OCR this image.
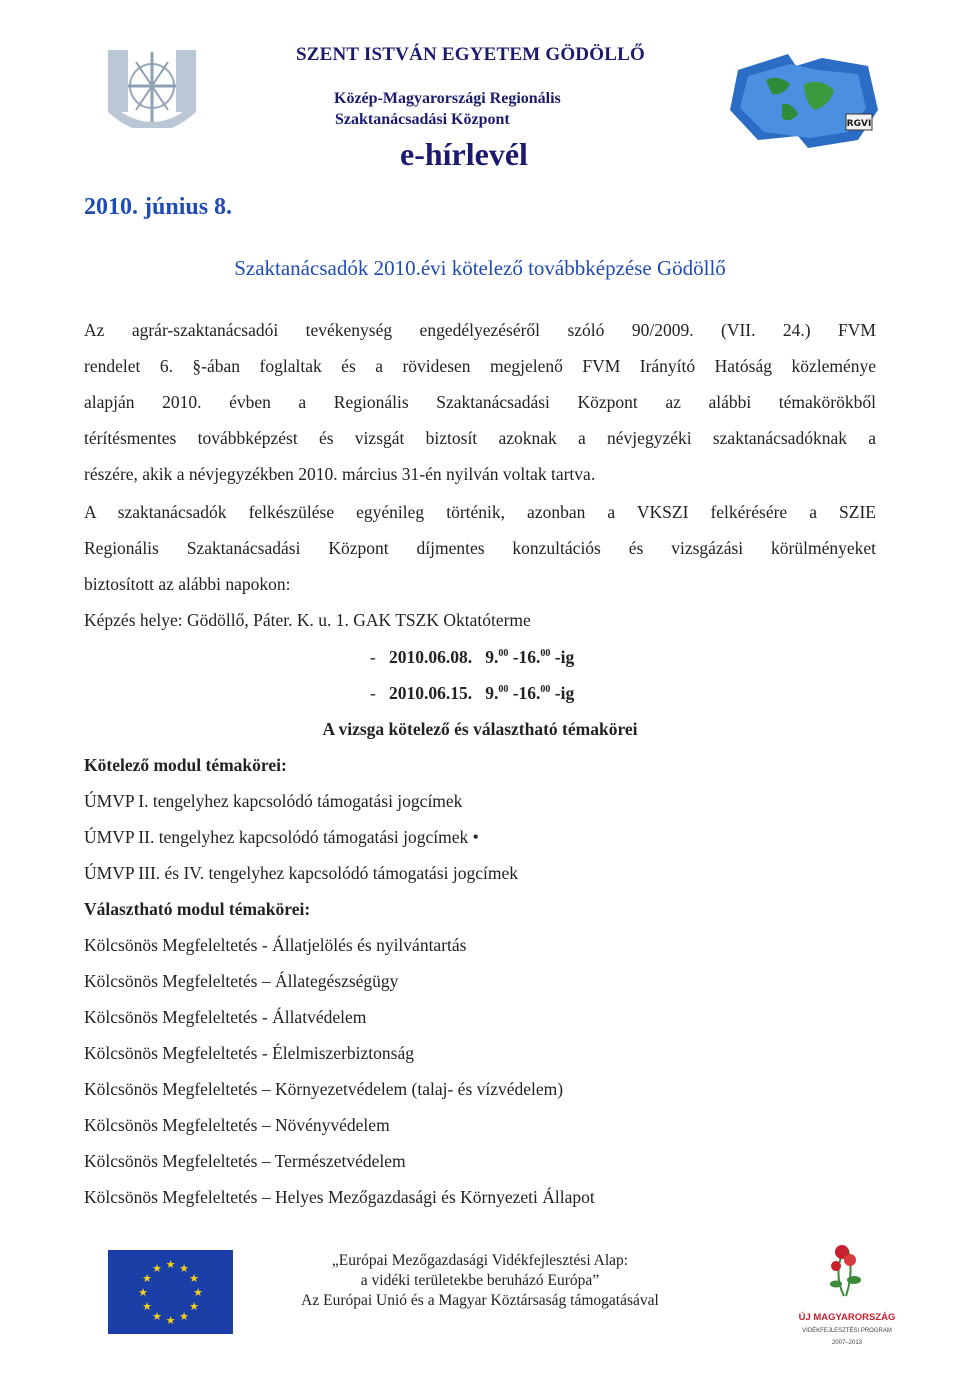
RGVI
SZENT ISTVÁN EGYETEM GÖDÖLLŐ
Közép-Magyarországi Regionális
Szaktanácsadási Központ
e-hírlevél
2010. június 8.
Szaktanácsadók 2010.évi kötelező továbbképzése Gödöllő
Az agrár-szaktanácsadói tevékenység engedélyezéséről szóló 90/2009. (VII. 24.) FVM
rendelet 6. §-ában foglaltak és a rövidesen megjelenő FVM Irányító Hatóság közleménye
alapján 2010. évben a Regionális Szaktanácsadási Központ az alábbi témakörökből
térítésmentes továbbképzést és vizsgát biztosít azoknak a névjegyzéki szaktanácsadóknak a
részére, akik a névjegyzékben 2010. március 31-én nyilván voltak tartva.
A szaktanácsadók felkészülése egyénileg történik, azonban a VKSZI felkérésére a SZIE
Regionális Szaktanácsadási Központ díjmentes konzultációs és vizsgázási körülményeket
biztosított az alábbi napokon:
Képzés helye: Gödöllő, Páter. K. u. 1. GAK TSZK Oktatóterme
- 2010.06.08. 9.00 -16.00 -ig
- 2010.06.15. 9.00 -16.00 -ig
A vizsga kötelező és választható témakörei
Kötelező modul témakörei:
ÚMVP I. tengelyhez kapcsolódó támogatási jogcímek
ÚMVP II. tengelyhez kapcsolódó támogatási jogcímek •
ÚMVP III. és IV. tengelyhez kapcsolódó támogatási jogcímek
Választható modul témakörei:
Kölcsönös Megfeleltetés - Állatjelölés és nyilvántartás
Kölcsönös Megfeleltetés – Állategészségügy
Kölcsönös Megfeleltetés - Állatvédelem
Kölcsönös Megfeleltetés - Élelmiszerbiztonság
Kölcsönös Megfeleltetés – Környezetvédelem (talaj- és vízvédelem)
Kölcsönös Megfeleltetés – Növényvédelem
Kölcsönös Megfeleltetés – Természetvédelem
Kölcsönös Megfeleltetés – Helyes Mezőgazdasági és Környezeti Állapot
★ ★
★
★
★
★
★
★
★
★
★
★	„Európai Mezőgazdasági Vidékfejlesztési Alap:
a vidéki területekbe beruházó Európa”
Az Európai Unió és a Magyar Köztársaság támogatásával
ÚJ MAGYARORSZÁG
VIDÉKFEJLESZTÉSI PROGRAM
2007–2013
